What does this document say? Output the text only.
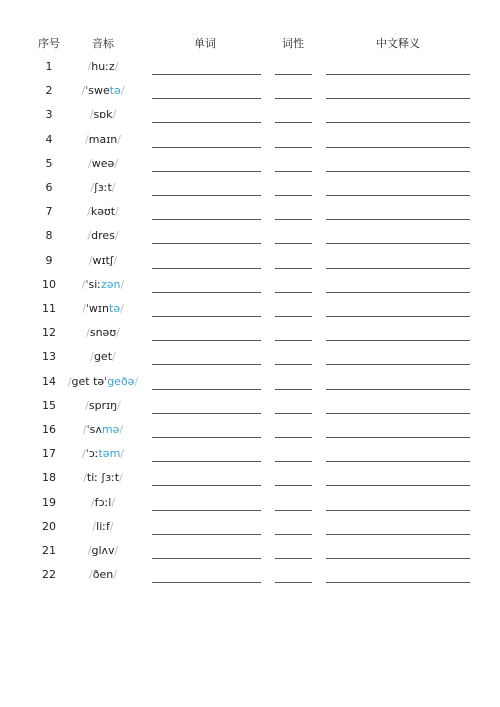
序号	音标	单词	词性	中文释义
1	/huːz/
2	/ˈswetə/
3	/sɒk/
4	/maɪn/
5	/weə/
6	/ʃɜːt/
7	/kəʊt/
8	/dres/
9	/wɪtʃ/
10	/ˈsiːzən/
11	/ˈwɪntə/
12	/snəʊ/
13	/get/
14	/get təˈgeðə/
15	/sprɪŋ/
16	/ˈsʌmə/
17	/ˈɔːtəm/
18	/tiː ʃɜːt/
19	/fɔːl/
20	/liːf/
21	/glʌv/
22	/ðen/
